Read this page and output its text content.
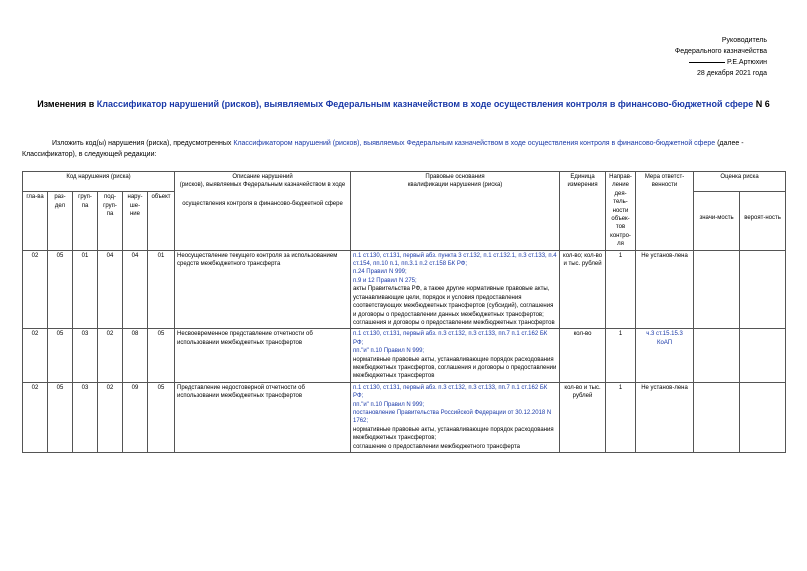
Руководитель
Федерального казначейства
Р.Е.Артюхин
28 декабря 2021 года
Изменения в Классификатор нарушений (рисков), выявляемых Федеральным казначейством в ходе осуществления контроля в финансово-бюджетной сфере N 6
Изложить код(ы) нарушения (риска), предусмотренных Классификатором нарушений (рисков), выявляемых Федеральным казначейством в ходе осуществления контроля в финансово-бюджетной сфере (далее - Классификатор), в следующей редакции:
Код нарушения (риска)						Описание нарушений
(рисков), выявляемых Федеральным казначейством в ходе
осуществления контроля в финансово-бюджетной сфере	Правовые основания
квалификации нарушения (риска)	Единица
измерения	Направ-ление дея-тель-ности объек-тов контро-ля	Мера ответст-венности	Оценка риска	
гла-ва	раз-дел	груп-па	под-груп-па	нару-ше-ние	объект						значи-мость	вероят-ность
02	05	01	04	04	01	Неосуществление текущего контроля за использованием средств межбюджетного трансферта	п.1 ст.130, ст.131, первый абз. пункта 3 ст.132, п.1 ст.132.1, п.3 ст.133, п.4 ст.154, пп.10 п.1, пп.3.1 п.2 ст.158 БК РФ;
п.24 Правил N 999;
п.9 и 12 Правил N 275;
акты Правительства РФ, а также другие нормативные правовые акты, устанавливающие цели, порядок и условия предоставления соответствующих межбюджетных трансфертов (субсидий), соглашения и договоры о предоставлении данных межбюджетных трансфертов; соглашения и договоры о предоставлении межбюджетных трансфертов	кол-во; кол-во и тыс. рублей	1	Не установ-лена		
02	05	03	02	08	05	Несвоевременное представление отчетности об использовании межбюджетных трансфертов	п.1 ст.130, ст.131, первый абз. п.3 ст.132, п.3 ст.133, пп.7 п.1 ст.162 БК РФ;
пп."и" п.10 Правил N 999;
нормативные правовые акты, устанавливающие порядок расходования межбюджетных трансфертов, соглашения и договоры о предоставлении межбюджетных трансфертов	кол-во	1	ч.3 ст.15.15.3 КоАП		
02	05	03	02	09	05	Представление недостоверной отчетности об использовании межбюджетных трансфертов	п.1 ст.130, ст.131, первый абз. п.3 ст.132, п.3 ст.133, пп.7 п.1 ст.162 БК РФ;
пп."и" п.10 Правил N 999;
постановление Правительства Российской Федерации от 30.12.2018 N 1762;
нормативные правовые акты, устанавливающие порядок расходования межбюджетных трансфертов;
соглашение о предоставлении межбюджетного трансферта	кол-во и тыс. рублей	1	Не установ-лена		
